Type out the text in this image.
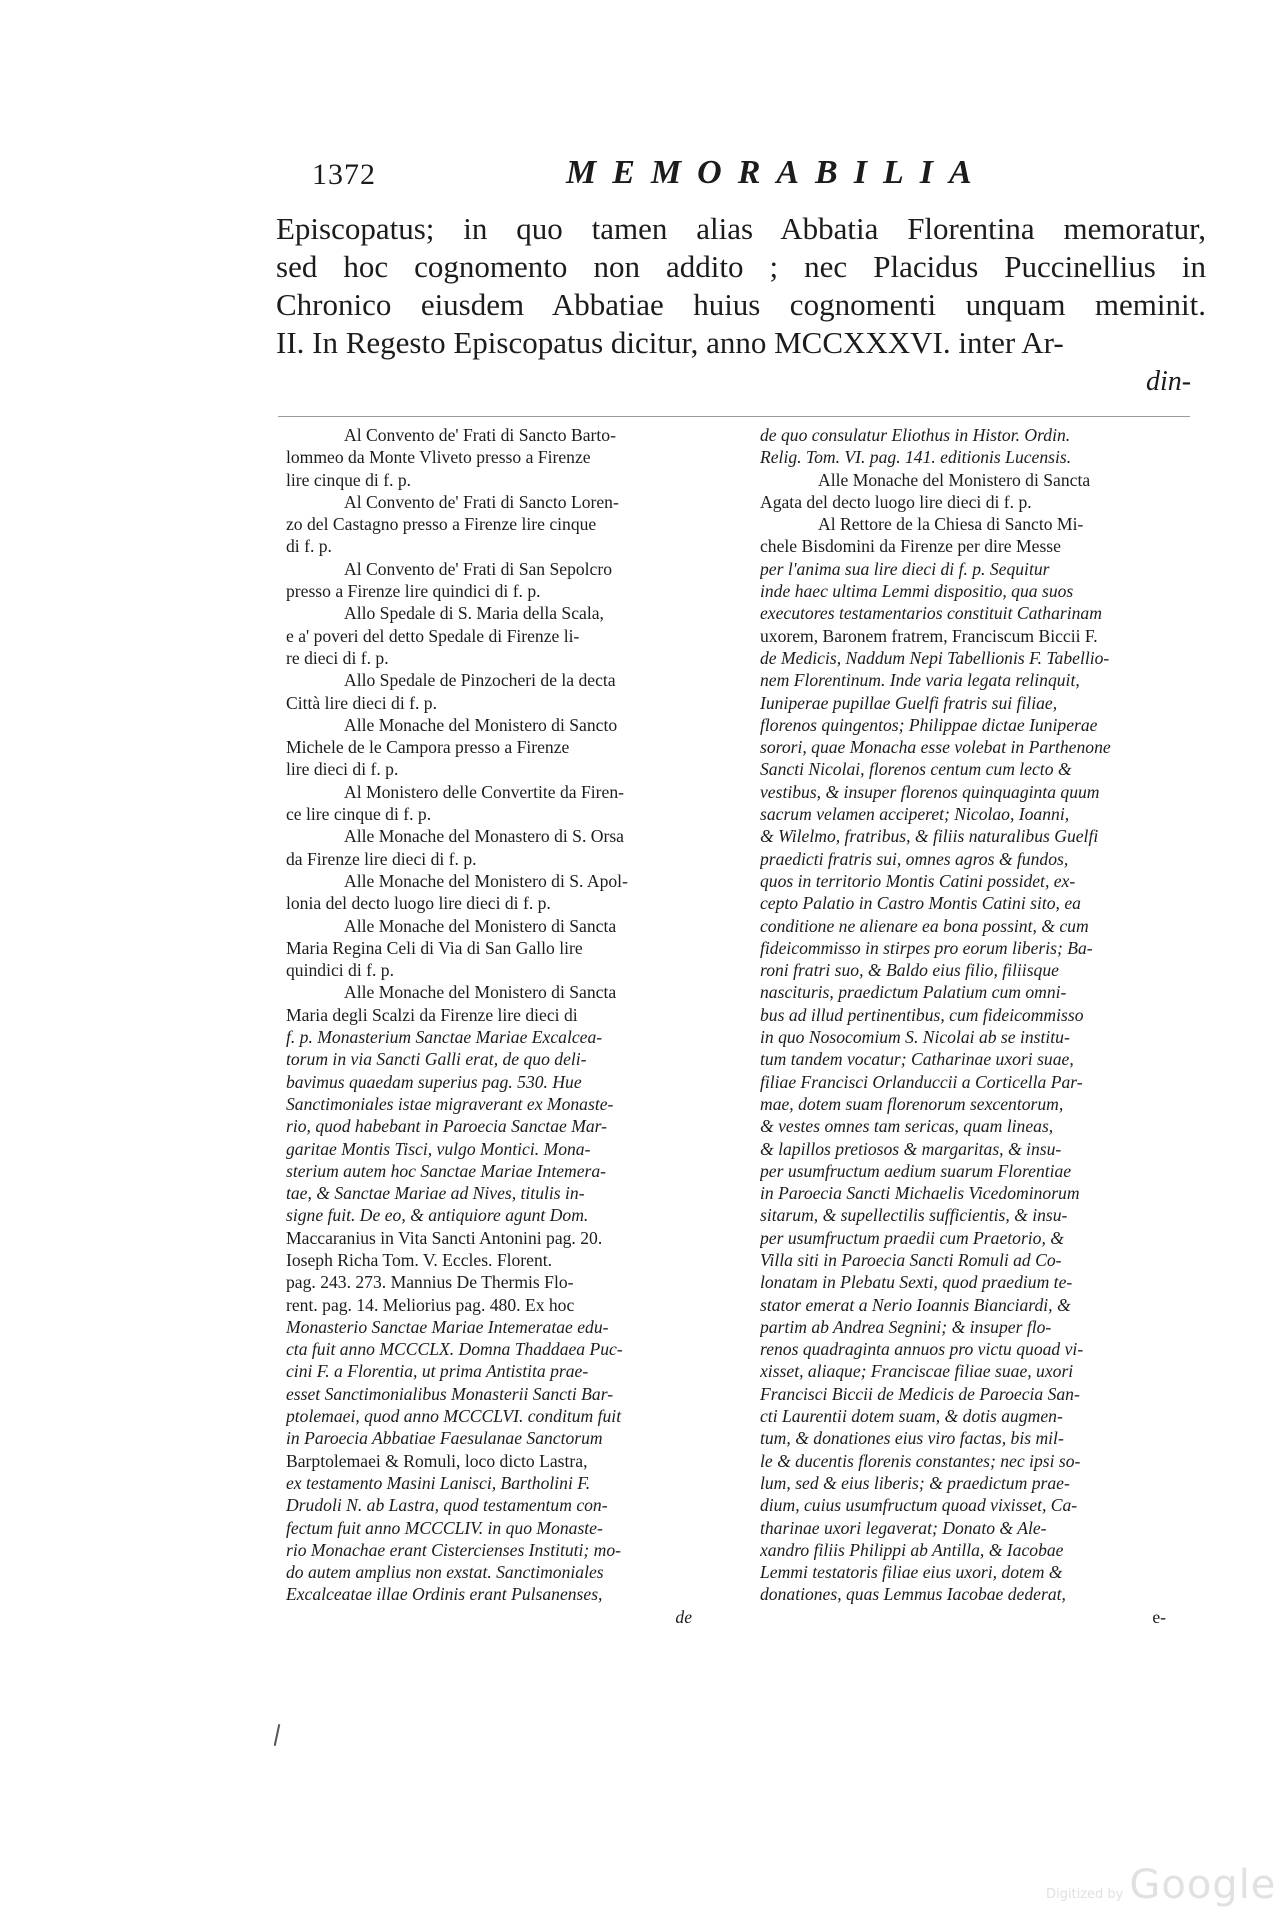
1372	MEMORABILIA
Episcopatus; in quo tamen alias Abbatia Florentina memoratur,
sed hoc cognomento non addito ; nec Placidus Puccinellius in
Chronico eiusdem Abbatiae huius cognomenti unquam meminit.
II. In Regesto Episcopatus dicitur, anno MCCXXXVI. inter Ar-
din-
Al Convento de' Frati di Sancto Barto-
lommeo da Monte Vliveto presso a Firenze
lire cinque di f. p.
Al Convento de' Frati di Sancto Loren-
zo del Castagno presso a Firenze lire cinque
di f. p.
Al Convento de' Frati di San Sepolcro
presso a Firenze lire quindici di f. p.
Allo Spedale di S. Maria della Scala,
e a' poveri del detto Spedale di Firenze li-
re dieci di f. p.
Allo Spedale de Pinzocheri de la decta
Città lire dieci di f. p.
Alle Monache del Monistero di Sancto
Michele de le Campora presso a Firenze
lire dieci di f. p.
Al Monistero delle Convertite da Firen-
ce lire cinque di f. p.
Alle Monache del Monastero di S. Orsa
da Firenze lire dieci di f. p.
Alle Monache del Monistero di S. Apol-
lonia del decto luogo lire dieci di f. p.
Alle Monache del Monistero di Sancta
Maria Regina Celi di Via di San Gallo lire
quindici di f. p.
Alle Monache del Monistero di Sancta
Maria degli Scalzi da Firenze lire dieci di
f. p. Monasterium Sanctae Mariae Excalcea-
torum in via Sancti Galli erat, de quo deli-
bavimus quaedam superius pag. 530. Hue
Sanctimoniales istae migraverant ex Monaste-
rio, quod habebant in Paroecia Sanctae Mar-
garitae Montis Tisci, vulgo Montici. Mona-
sterium autem hoc Sanctae Mariae Intemera-
tae, & Sanctae Mariae ad Nives, titulis in-
signe fuit. De eo, & antiquiore agunt Dom.
Maccaranius in Vita Sancti Antonini pag. 20.
Ioseph Richa Tom. V. Eccles. Florent.
pag. 243. 273. Mannius De Thermis Flo-
rent. pag. 14. Meliorius pag. 480. Ex hoc
Monasterio Sanctae Mariae Intemeratae edu-
cta fuit anno MCCCLX. Domna Thaddaea Puc-
cini F. a Florentia, ut prima Antistita prae-
esset Sanctimonialibus Monasterii Sancti Bar-
ptolemaei, quod anno MCCCLVI. conditum fuit
in Paroecia Abbatiae Faesulanae Sanctorum
Barptolemaei & Romuli, loco dicto Lastra,
ex testamento Masini Lanisci, Bartholini F.
Drudoli N. ab Lastra, quod testamentum con-
fectum fuit anno MCCCLIV. in quo Monaste-
rio Monachae erant Cistercienses Instituti; mo-
do autem amplius non exstat. Sanctimoniales
Excalceatae illae Ordinis erant Pulsanenses,
de
de quo consulatur Eliothus in Histor. Ordin.
Relig. Tom. VI. pag. 141. editionis Lucensis.
Alle Monache del Monistero di Sancta
Agata del decto luogo lire dieci di f. p.
Al Rettore de la Chiesa di Sancto Mi-
chele Bisdomini da Firenze per dire Messe
per l'anima sua lire dieci di f. p. Sequitur
inde haec ultima Lemmi dispositio, qua suos
executores testamentarios constituit Catharinam
uxorem, Baronem fratrem, Franciscum Biccii F.
de Medicis, Naddum Nepi Tabellionis F. Tabellio-
nem Florentinum. Inde varia legata relinquit,
Iuniperae pupillae Guelfi fratris sui filiae,
florenos quingentos; Philippae dictae Iuniperae
sorori, quae Monacha esse volebat in Parthenone
Sancti Nicolai, florenos centum cum lecto &
vestibus, & insuper florenos quinquaginta quum
sacrum velamen acciperet; Nicolao, Ioanni,
& Wilelmo, fratribus, & filiis naturalibus Guelfi
praedicti fratris sui, omnes agros & fundos,
quos in territorio Montis Catini possidet, ex-
cepto Palatio in Castro Montis Catini sito, ea
conditione ne alienare ea bona possint, & cum
fideicommisso in stirpes pro eorum liberis; Ba-
roni fratri suo, & Baldo eius filio, filiisque
nascituris, praedictum Palatium cum omni-
bus ad illud pertinentibus, cum fideicommisso
in quo Nosocomium S. Nicolai ab se institu-
tum tandem vocatur; Catharinae uxori suae,
filiae Francisci Orlanduccii a Corticella Par-
mae, dotem suam florenorum sexcentorum,
& vestes omnes tam sericas, quam lineas,
& lapillos pretiosos & margaritas, & insu-
per usumfructum aedium suarum Florentiae
in Paroecia Sancti Michaelis Vicedominorum
sitarum, & supellectilis sufficientis, & insu-
per usumfructum praedii cum Praetorio, &
Villa siti in Paroecia Sancti Romuli ad Co-
lonatam in Plebatu Sexti, quod praedium te-
stator emerat a Nerio Ioannis Bianciardi, &
partim ab Andrea Segnini; & insuper flo-
renos quadraginta annuos pro victu quoad vi-
xisset, aliaque; Franciscae filiae suae, uxori
Francisci Biccii de Medicis de Paroecia San-
cti Laurentii dotem suam, & dotis augmen-
tum, & donationes eius viro factas, bis mil-
le & ducentis florenis constantes; nec ipsi so-
lum, sed & eius liberis; & praedictum prae-
dium, cuius usumfructum quoad vixisset, Ca-
tharinae uxori legaverat; Donato & Ale-
xandro filiis Philippi ab Antilla, & Iacobae
Lemmi testatoris filiae eius uxori, dotem &
donationes, quas Lemmus Iacobae dederat,
e-
Digitized by Google
